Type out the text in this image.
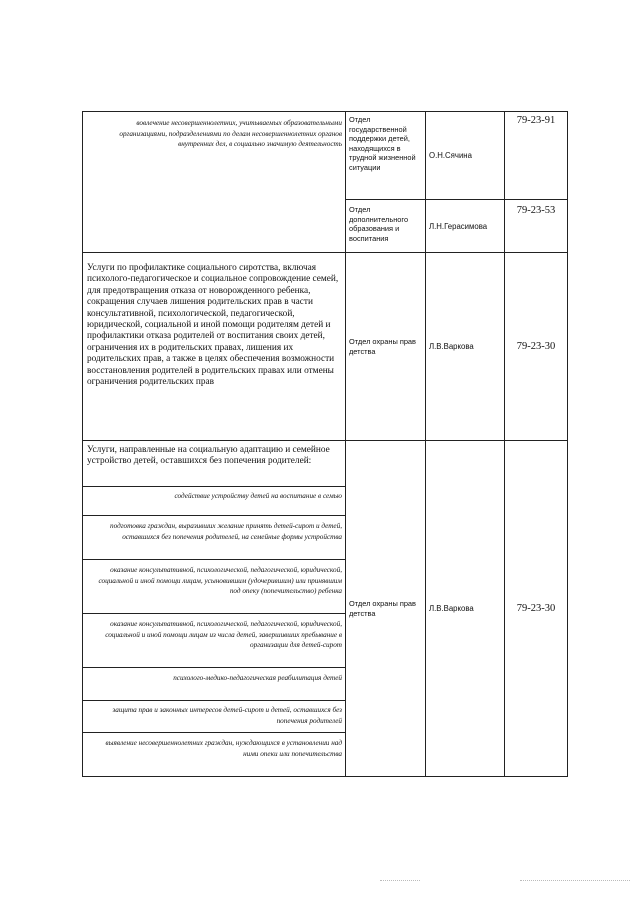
вовлечение несовершеннолетних, учитываемых образовательными организациями, подразделениями по делам несовершеннолетних органов внутренних дел, в социально значимую деятельность	Отдел государственной поддержки детей, находящихся в трудной жизненной ситуации	О.Н.Сячина	79-23-91

	Отдел дополнительного образования и воспитания	Л.Н.Герасимова	79-23-53

Услуги по профилактике социального сиротства, включая психолого-педагогическое и социальное сопровождение семей, для предотвращения отказа от новорожденного ребенка, сокращения случаев лишения родительских прав в части консультативной, психологической, педагогической, юридической, социальной и иной помощи родителям детей и профилактики отказа родителей от воспитания своих детей, ограничения их в родительских правах, лишения их родительских прав, а также в целях обеспечения возможности восстановления родителей в родительских правах или отмены ограничения родительских прав	Отдел охраны прав детства	Л.В.Варкова	79-23-30

Услуги, направленные на социальную адаптацию и семейное устройство детей, оставшихся без попечения родителей:	Отдел охраны прав детства	Л.В.Варкова	79-23-30

содействие устройству детей на воспитание в семью			

подготовка граждан, выразивших желание принять детей-сирот и детей, оставшихся без попечения родителей, на семейные формы устройства			

оказание консультативной, психологической, педагогической, юридической, социальной и иной помощи лицам, усыновившим (удочерившим) или принявшим под опеку (попечительство) ребенка			

оказание консультативной, психологической, педагогической, юридической, социальной и иной помощи лицам из числа детей, завершивших пребывание в организации для детей-сирот			

психолого-медико-педагогическая реабилитация детей			

защита прав и законных интересов детей-сирот и детей, оставшихся без попечения родителей			

выявление несовершеннолетних граждан, нуждающихся в установлении над ними опеки или попечительства			
